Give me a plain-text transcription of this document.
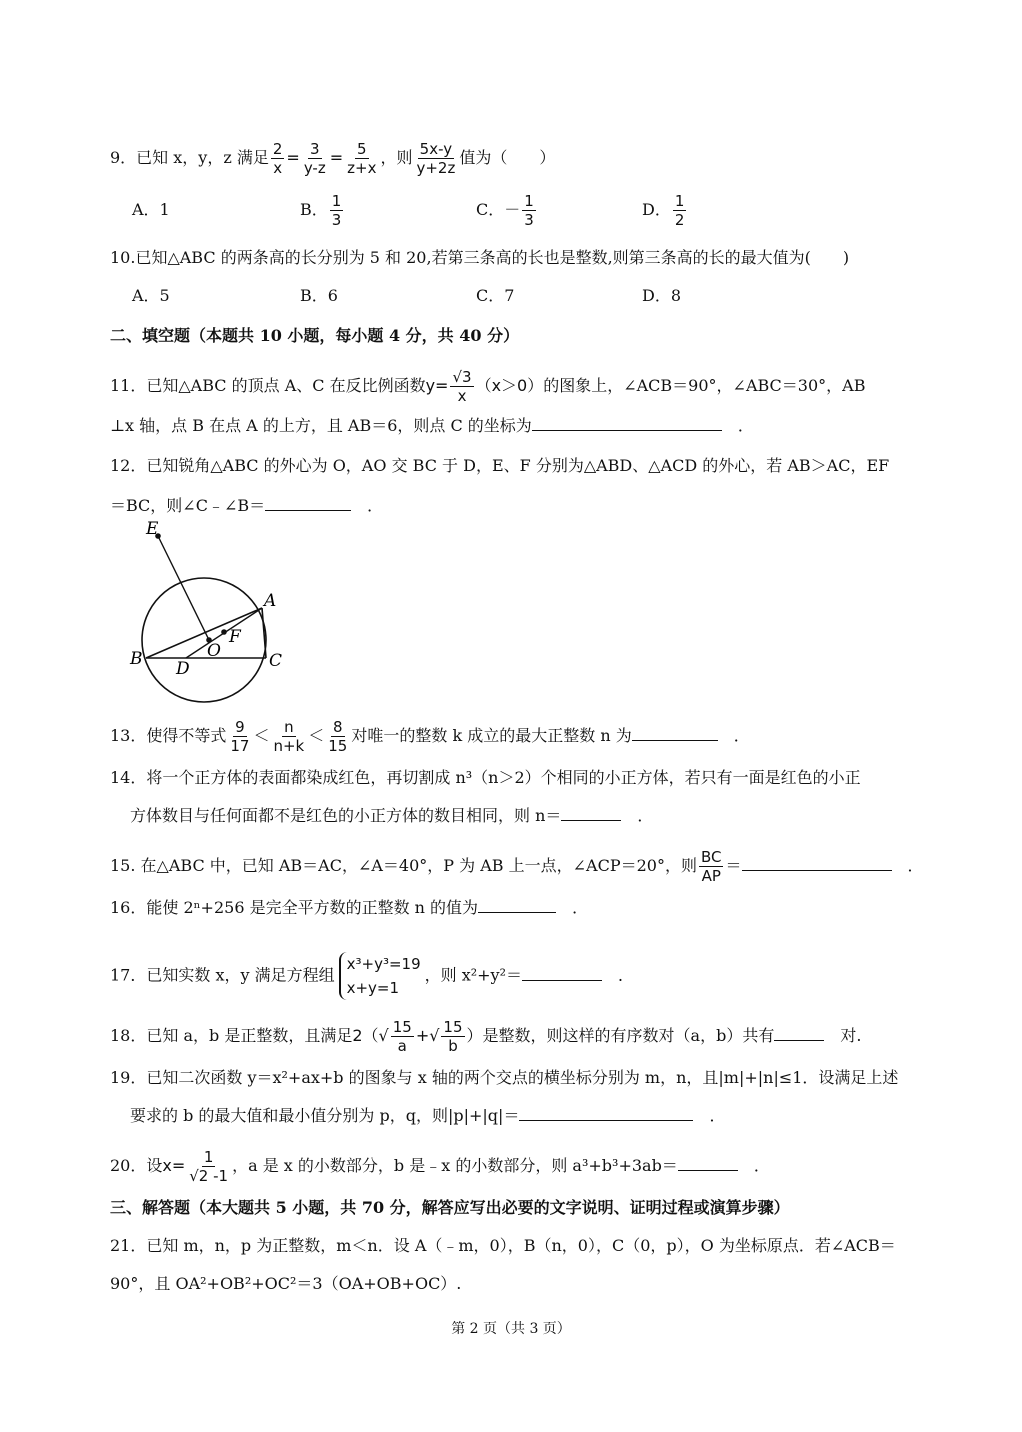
9．已知 x，y，z 满足 $\frac{2}{x} = \frac{3}{y-z} = \frac{5}{z+x}$ ，则 $\frac{5x-y}{y+2z}$ 值为（　　）
A．1	B． $\frac{1}{3}$	C．－ $\frac{1}{3}$	D． $\frac{1}{2}$
10.已知△ABC 的两条高的长分别为 5 和 20,若第三条高的长也是整数,则第三条高的长的最大值为(　　)
A．5	B．6	C．7	D．8
二、填空题（本题共 10 小题，每小题 4 分，共 40 分）
11．已知△ABC 的顶点 A、C 在反比例函数$y= \frac{√3}{x} (x>0)$的图象上，∠ACB＝90°，∠ABC＝30°，AB
⊥x 轴，点 B 在点 A 的上方，且 AB＝6，则点 C 的坐标为　	．
12．已知锐角△ABC 的外心为 O，AO 交 BC 于 D，E、F 分别为△ABD、△ACD 的外心，若 AB＞AC，EF
＝BC，则∠C﹣∠B＝　	．
E
A
F
O
B D	C
13．使得不等式 $\frac{9}{17} < \frac{n}{n+k} < \frac{8}{15}$ 对唯一的整数 k 成立的最大正整数 n 为　	．
14．将一个正方体的表面都染成红色，再切割成 n³（n＞2）个相同的小正方体，若只有一面是红色的小正
方体数目与任何面都不是红色的小正方体的数目相同，则 n＝　	．
15. 在△ABC 中，已知 AB＝AC，∠A＝40°，P 为 AB 上一点，∠ACP＝20°，则 $\frac{BC}{AP}$ ＝　	．
16．能使 2ⁿ+256 是完全平方数的正整数 n 的值为　	．
17．已知实数 x，y 满足方程组
x³+y³=19
x+y=1
，则 x²+y²＝　	．
18．已知 a，b 是正整数，且满足$2(√ \frac{15}{a}$ +√ $\frac{15}{b}$ ）是整数，则这样的有序数对（a，b）共有　	对.
19．已知二次函数 y＝x²+ax+b 的图象与 x 轴的两个交点的横坐标分别为 m，n，且|m|+|n|≤1．设满足上述
要求的 b 的最大值和最小值分别为 p，q，则|p|+|q|＝　	．
20．设$x= \frac{1}{√2 -1}$ ，a 是 x 的小数部分，b 是﹣x 的小数部分，则 a³+b³+3ab＝　	．
三、解答题（本大题共 5 小题，共 70 分，解答应写出必要的文字说明、证明过程或演算步骤）
21．已知 m，n，p 为正整数，m＜n．设 A（﹣m，0），B（n，0），C（0，p），O 为坐标原点．若∠ACB＝
90°，且 OA²+OB²+OC²＝3（OA+OB+OC）.
第 2 页（共 3 页）
